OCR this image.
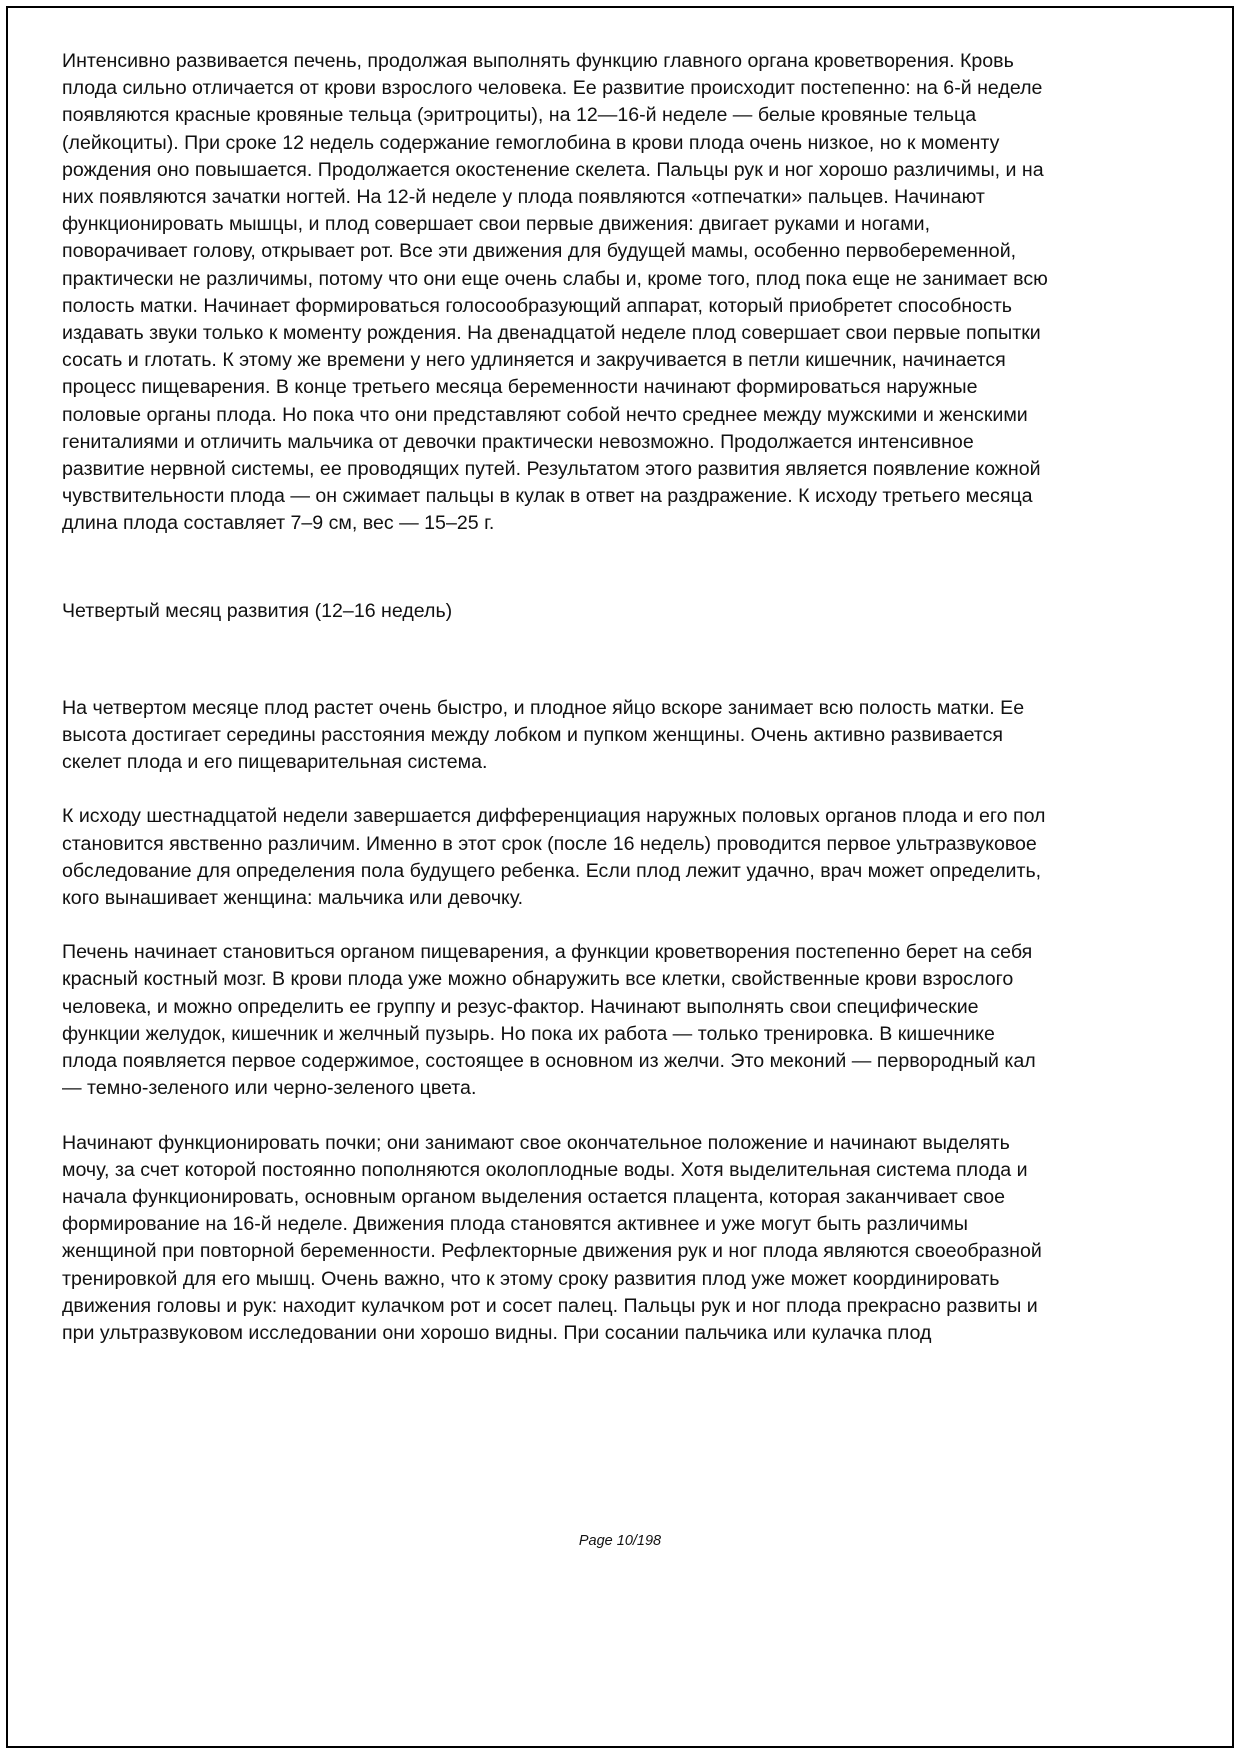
Интенсивно развивается печень, продолжая выполнять функцию главного органа кроветворения. Кровь плода сильно отличается от крови взрослого человека. Ее развитие происходит постепенно: на 6-й неделе появляются красные кровяные тельца (эритроциты), на 12—16-й неделе — белые кровяные тельца (лейкоциты). При сроке 12 недель содержание гемоглобина в крови плода очень низкое, но к моменту рождения оно повышается. Продолжается окостенение скелета. Пальцы рук и ног хорошо различимы, и на них появляются зачатки ногтей. На 12-й неделе у плода появляются «отпечатки» пальцев. Начинают функционировать мышцы, и плод совершает свои первые движения: двигает руками и ногами, поворачивает голову, открывает рот. Все эти движения для будущей мамы, особенно первобеременной, практически не различимы, потому что они еще очень слабы и, кроме того, плод пока еще не занимает всю полость матки. Начинает формироваться голосообразующий аппарат, который приобретет способность издавать звуки только к моменту рождения. На двенадцатой неделе плод совершает свои первые попытки сосать и глотать. К этому же времени у него удлиняется и закручивается в петли кишечник, начинается процесс пищеварения. В конце третьего месяца беременности начинают формироваться наружные половые органы плода. Но пока что они представляют собой нечто среднее между мужскими и женскими гениталиями и отличить мальчика от девочки практически невозможно. Продолжается интенсивное развитие нервной системы, ее проводящих путей. Результатом этого развития является появление кожной чувствительности плода — он сжимает пальцы в кулак в ответ на раздражение. К исходу третьего месяца длина плода составляет 7–9 см, вес — 15–25 г.

Четвертый месяц развития (12–16 недель)

На четвертом месяце плод растет очень быстро, и плодное яйцо вскоре занимает всю полость матки. Ее высота достигает середины расстояния между лобком и пупком женщины. Очень активно развивается скелет плода и его пищеварительная система.

К исходу шестнадцатой недели завершается дифференциация наружных половых органов плода и его пол становится явственно различим. Именно в этот срок (после 16 недель) проводится первое ультразвуковое обследование для определения пола будущего ребенка. Если плод лежит удачно, врач может определить, кого вынашивает женщина: мальчика или девочку.

Печень начинает становиться органом пищеварения, а функции кроветворения постепенно берет на себя красный костный мозг. В крови плода уже можно обнаружить все клетки, свойственные крови взрослого человека, и можно определить ее группу и резус-фактор. Начинают выполнять свои специфические функции желудок, кишечник и желчный пузырь. Но пока их работа — только тренировка. В кишечнике плода появляется первое содержимое, состоящее в основном из желчи. Это меконий — первородный кал — темно-зеленого или черно-зеленого цвета.

Начинают функционировать почки; они занимают свое окончательное положение и начинают выделять мочу, за счет которой постоянно пополняются околоплодные воды. Хотя выделительная система плода и начала функционировать, основным органом выделения остается плацента, которая заканчивает свое формирование на 16-й неделе. Движения плода становятся активнее и уже могут быть различимы женщиной при повторной беременности. Рефлекторные движения рук и ног плода являются своеобразной тренировкой для его мышц. Очень важно, что к этому сроку развития плод уже может координировать движения головы и рук: находит кулачком рот и сосет палец. Пальцы рук и ног плода прекрасно развиты и при ультразвуковом исследовании они хорошо видны. При сосании пальчика или кулачка плод

Page 10/198
